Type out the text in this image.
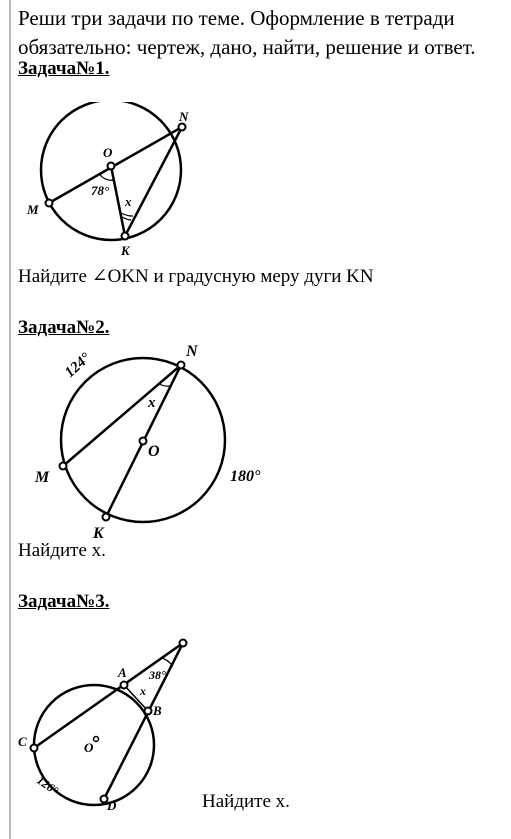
Реши три задачи по теме. Оформление в тетради
обязательно: чертеж, дано, найти, решение и ответ.
Задача№1.
N
O
M
K
78°
x
Найдите ∠OKN и градусную меру дуги KN
Задача№2.
N
O
M
K
x
124°
180°
Найдите x.
Задача№3.
A
B
C
D
O
38°
x
126°
Найдите x.
